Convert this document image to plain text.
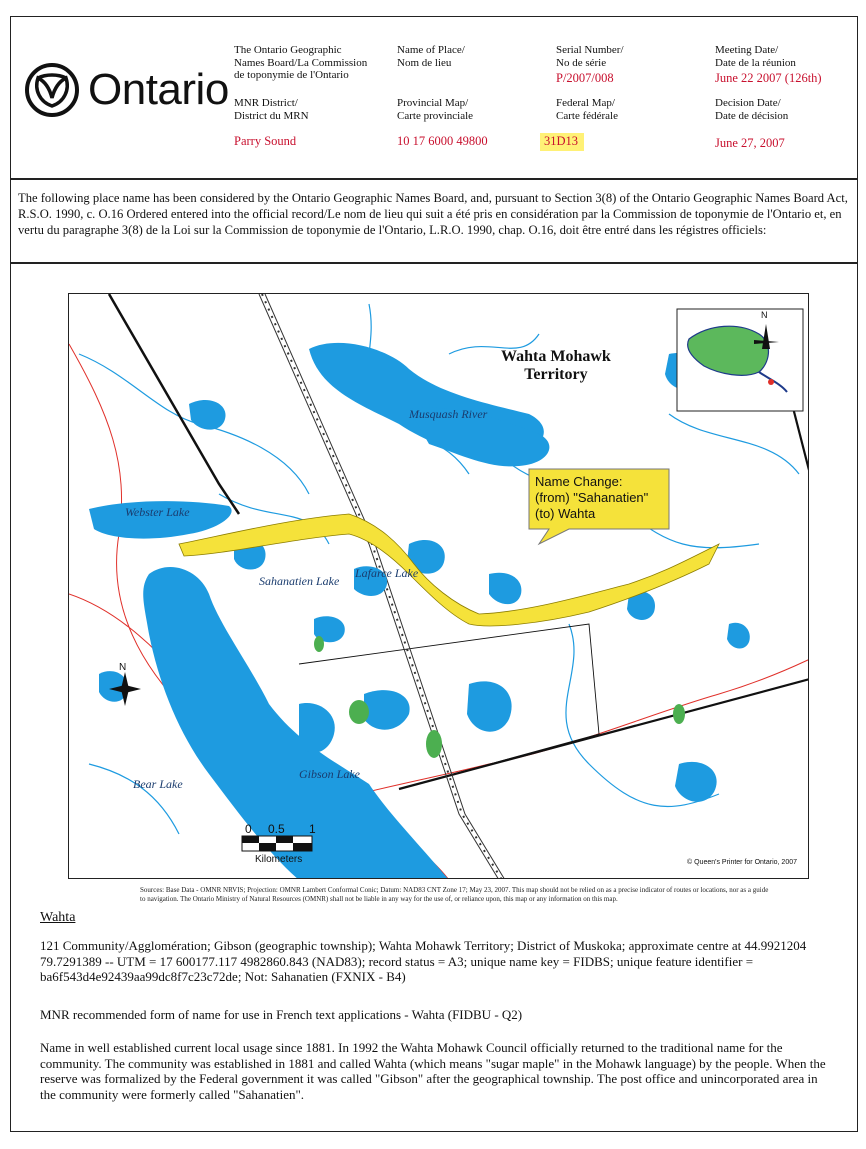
Ontario
The Ontario Geographic
Names Board/La Commission
de toponymie de l'Ontario
MNR District/
District du MRN
Parry Sound
Name of Place/
Nom de lieu
Provincial Map/
Carte provinciale
10 17 6000 49800
Serial Number/
No de série
P/2007/008
Federal Map/
Carte fédérale
31D13
Meeting Date/
Date de la réunion
June 22 2007 (126th)
Decision Date/
Date de décision
June 27, 2007
The following place name has been considered by the Ontario Geographic Names Board, and, pursuant to Section 3(8) of the Ontario Geographic Names Board Act, R.S.O. 1990, c. O.16 Ordered entered into the official record/Le nom de lieu qui suit a été pris en considération par la Commission de toponymie de l'Ontario et, en vertu du paragraphe 3(8) de la Loi sur la Commission de toponymie de l'Ontario, L.R.O. 1990, chap. O.16, doit être entré dans les régistres officiels:
Wahta Mohawk
Territory
Musquash River
Webster Lake
Sahanatien Lake
Lafarce Lake
Gibson Lake
Bear Lake
Name Change:
(from) "Sahanatien"
(to) Wahta
0 0.5 1
Kilometers	© Queen's Printer for Ontario, 2007
N
N
Sources: Base Data - OMNR NRVIS; Projection: OMNR Lambert Conformal Conic; Datum: NAD83 CNT Zone 17; May 23, 2007. This map should not be relied on as a precise indicator of routes or locations, nor as a guide to navigation. The Ontario Ministry of Natural Resources (OMNR) shall not be liable in any way for the use of, or reliance upon, this map or any information on this map.
Wahta
121 Community/Agglomération; Gibson (geographic township); Wahta Mohawk Territory; District of Muskoka; approximate centre at 44.9921204 79.7291389 -- UTM = 17 600177.117 4982860.843 (NAD83); record status = A3; unique name key = FIDBS; unique feature identifier = ba6f543d4e92439aa99dc8f7c23c72de; Not: Sahanatien (FXNIX - B4)
MNR recommended form of name for use in French text applications - Wahta (FIDBU - Q2)
Name in well established current local usage since 1881. In 1992 the Wahta Mohawk Council officially returned to the traditional name for the community. The community was established in 1881 and called Wahta (which means "sugar maple" in the Mohawk language) by the people. When the reserve was formalized by the Federal government it was called "Gibson" after the geographical township. The post office and unincorporated area in the community were formerly called "Sahanatien".
